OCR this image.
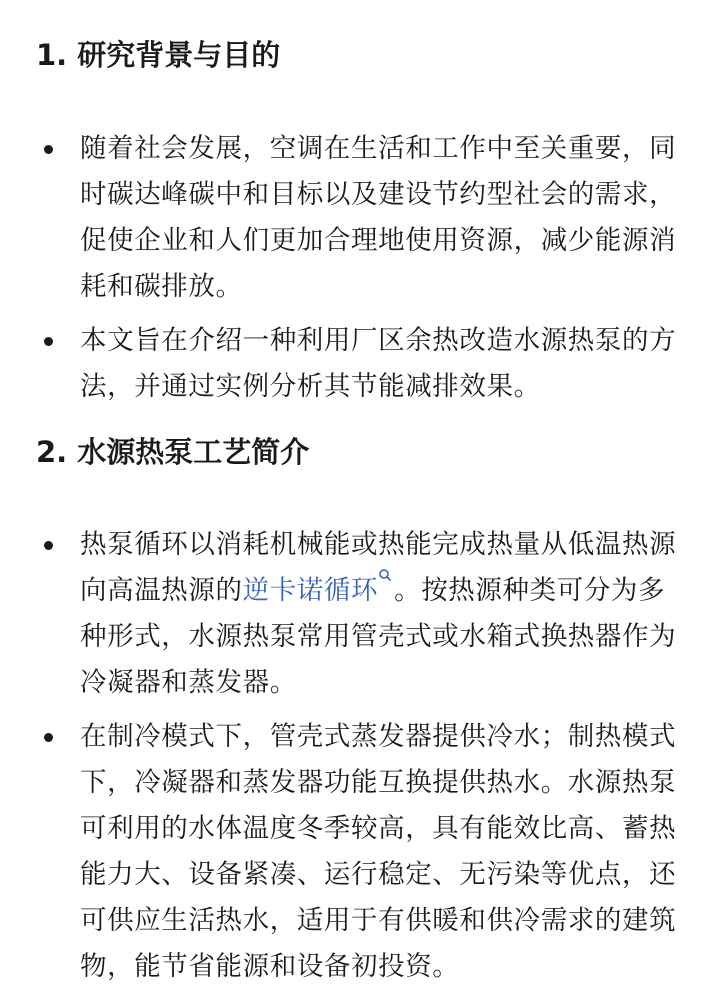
1. 研究背景与目的
随着社会发展，空调在生活和工作中至关重要，同时碳达峰碳中和目标以及建设节约型社会的需求，促使企业和人们更加合理地使用资源，减少能源消耗和碳排放。
本文旨在介绍一种利用厂区余热改造水源热泵的方法，并通过实例分析其节能减排效果。
2. 水源热泵工艺简介
热泵循环以消耗机械能或热能完成热量从低温热源向高温热源的逆卡诺循环 。按热源种类可分为多种形式，水源热泵常用管壳式或水箱式换热器作为冷凝器和蒸发器。
在制冷模式下，管壳式蒸发器提供冷水；制热模式下，冷凝器和蒸发器功能互换提供热水。水源热泵可利用的水体温度冬季较高，具有能效比高、蓄热能力大、设备紧凑、运行稳定、无污染等优点，还可供应生活热水，适用于有供暖和供冷需求的建筑物，能节省能源和设备初投资。
